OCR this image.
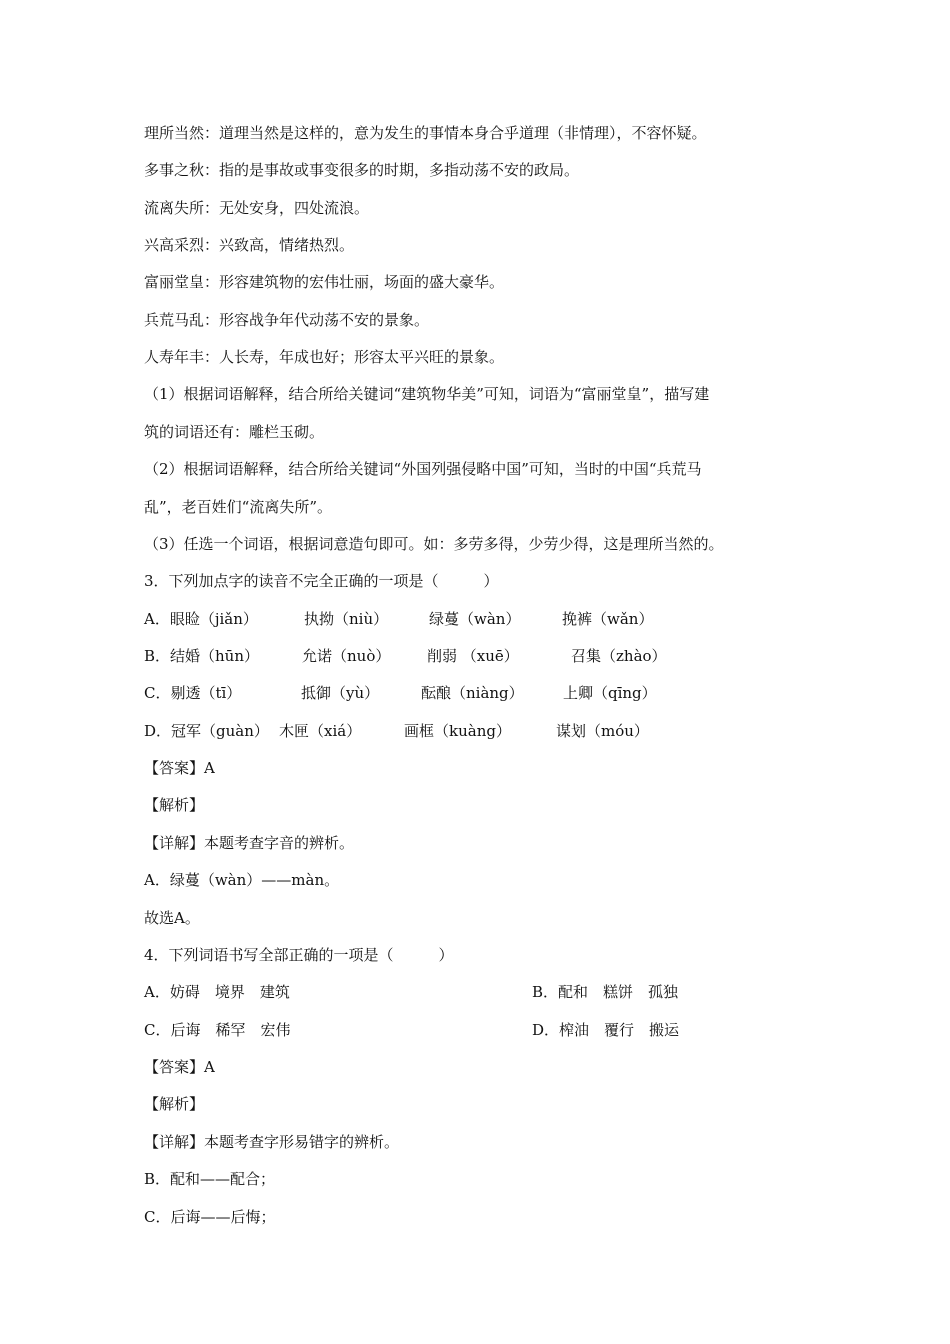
理所当然：道理当然是这样的，意为发生的事情本身合乎道理（非情理），不容怀疑。
多事之秋：指的是事故或事变很多的时期，多指动荡不安的政局。
流离失所：无处安身，四处流浪。
兴高采烈：兴致高，情绪热烈。
富丽堂皇：形容建筑物的宏伟壮丽，场面的盛大豪华。
兵荒马乱：形容战争年代动荡不安的景象。
人寿年丰：人长寿，年成也好；形容太平兴旺的景象。
（1）根据词语解释，结合所给关键词“建筑物华美”可知，词语为“富丽堂皇”，描写建
筑的词语还有：雕栏玉砌。
（2）根据词语解释，结合所给关键词“外国列强侵略中国”可知，当时的中国“兵荒马
乱”，老百姓们“流离失所”。
（3）任选一个词语，根据词意造句即可。如：多劳多得，少劳少得，这是理所当然的。
3．下列加点字的读音不完全正确的一项是（　　　）
A．眼睑（jiǎn）	执拗（niù）	绿蔓（wàn）	挽裤（wǎn）
B．结婚（hūn）	允诺（nuò） 削弱 （xuē）	召集（zhào）
C．剔透（tī）	抵御（yù）	酝酿（niàng）	上卿（qīng）
D．冠军（guàn） 木匣（xiá）	画框（kuàng）	谋划（móu）
【答案】A
【解析】
【详解】本题考查字音的辨析。
A．绿蔓（wàn）——màn。
故选A。
4．下列词语书写全部正确的一项是（　　　）
A．妨碍　境界　建筑	B．配和　糕饼　孤独
C．后诲　稀罕　宏伟	D．榨油　覆行　搬运
【答案】A
【解析】
【详解】本题考查字形易错字的辨析。
B．配和——配合；
C．后诲——后悔；
